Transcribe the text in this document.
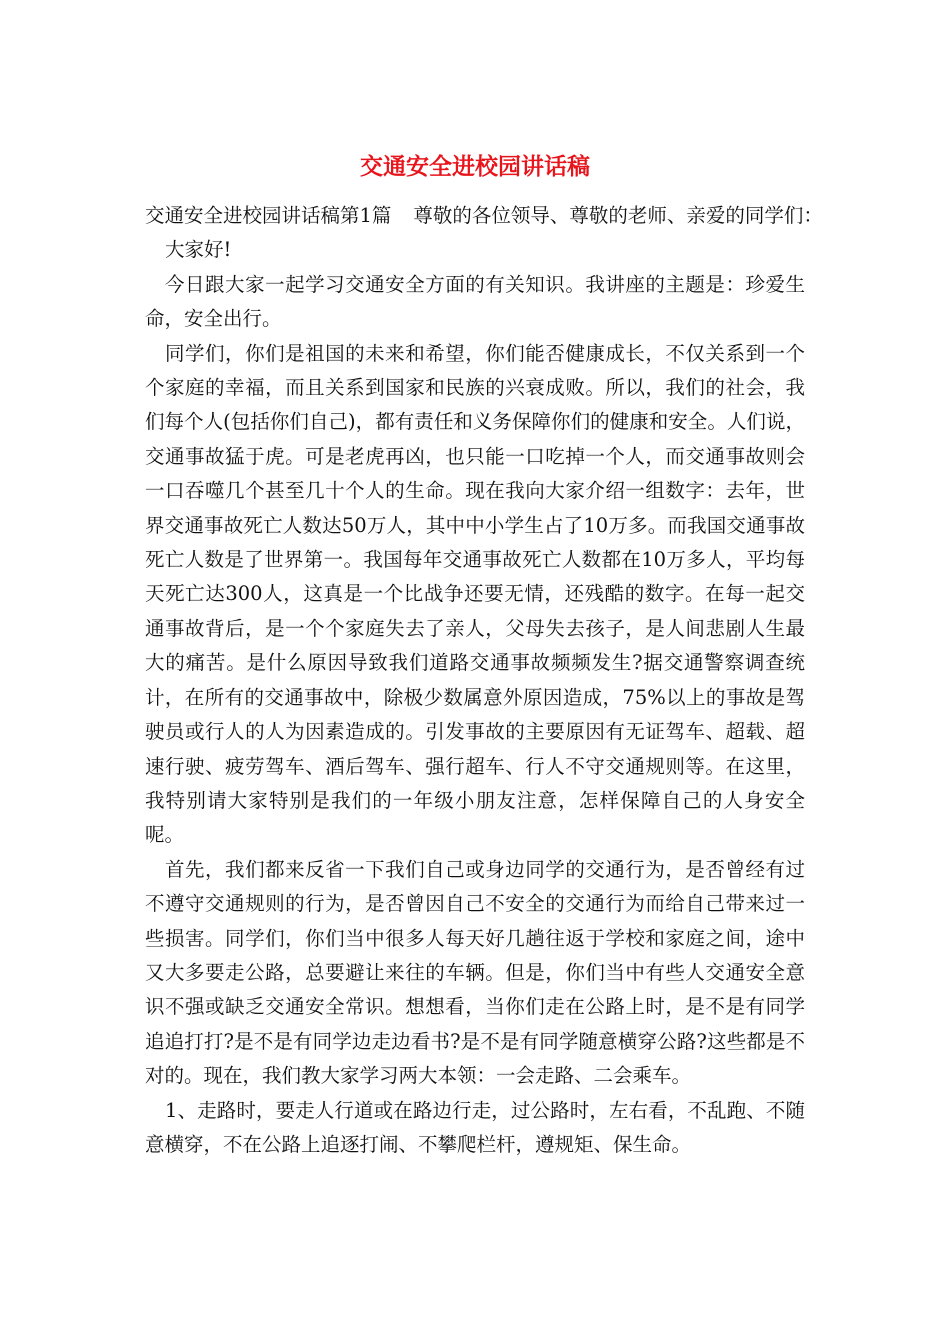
交通安全进校园讲话稿

交通安全进校园讲话稿第1篇 尊敬的各位领导、尊敬的老师、亲爱的同学们：

大家好!

今日跟大家一起学习交通安全方面的有关知识。我讲座的主题是：珍爱生命，安全出行。

同学们，你们是祖国的未来和希望，你们能否健康成长，不仅关系到一个个家庭的幸福，而且关系到国家和民族的兴衰成败。所以，我们的社会，我们每个人(包括你们自己)，都有责任和义务保障你们的健康和安全。人们说，交通事故猛于虎。可是老虎再凶，也只能一口吃掉一个人，而交通事故则会一口吞噬几个甚至几十个人的生命。现在我向大家介绍一组数字：去年，世界交通事故死亡人数达50万人，其中中小学生占了10万多。而我国交通事故死亡人数是了世界第一。我国每年交通事故死亡人数都在10万多人，平均每天死亡达300人，这真是一个比战争还要无情，还残酷的数字。在每一起交通事故背后，是一个个家庭失去了亲人，父母失去孩子，是人间悲剧人生最大的痛苦。是什么原因导致我们道路交通事故频频发生?据交通警察调查统计，在所有的交通事故中，除极少数属意外原因造成，75%以上的事故是驾驶员或行人的人为因素造成的。引发事故的主要原因有无证驾车、超载、超速行驶、疲劳驾车、酒后驾车、强行超车、行人不守交通规则等。在这里，我特别请大家特别是我们的一年级小朋友注意，怎样保障自己的人身安全呢。

首先，我们都来反省一下我们自己或身边同学的交通行为，是否曾经有过不遵守交通规则的行为，是否曾因自己不安全的交通行为而给自己带来过一些损害。同学们，你们当中很多人每天好几趟往返于学校和家庭之间，途中又大多要走公路，总要避让来往的车辆。但是，你们当中有些人交通安全意识不强或缺乏交通安全常识。想想看，当你们走在公路上时，是不是有同学追追打打?是不是有同学边走边看书?是不是有同学随意横穿公路?这些都是不对的。现在，我们教大家学习两大本领：一会走路、二会乘车。

1、走路时，要走人行道或在路边行走，过公路时，左右看，不乱跑、不随意横穿，不在公路上追逐打闹、不攀爬栏杆，遵规矩、保生命。
